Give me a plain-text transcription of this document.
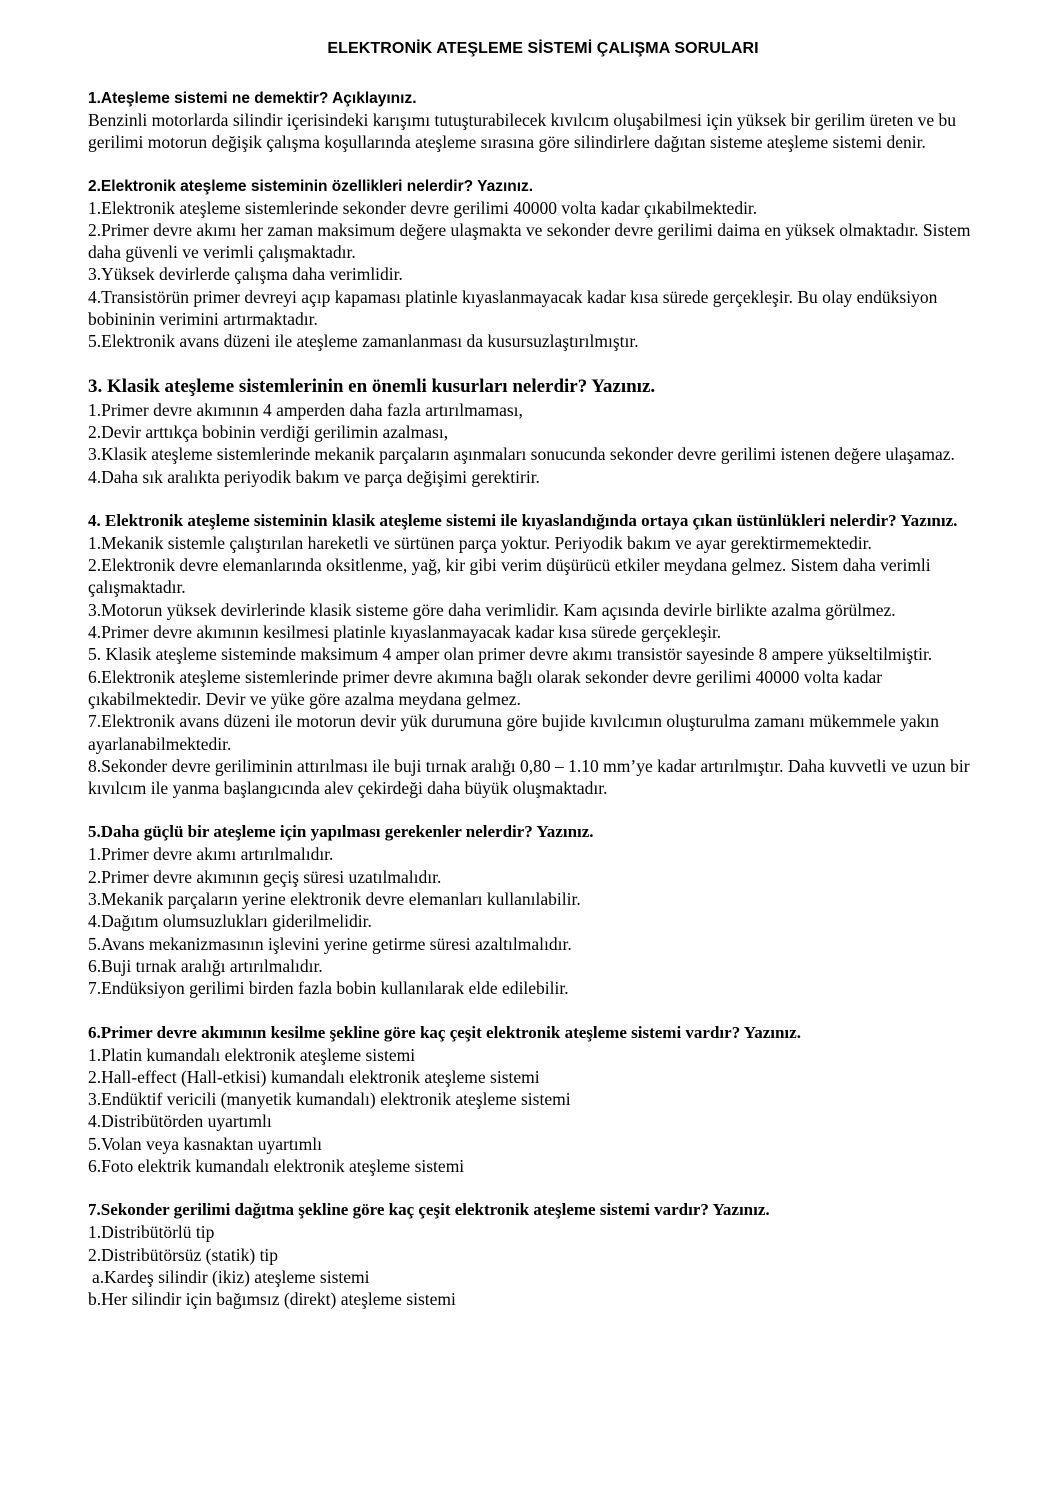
ELEKTRONİK ATEŞLEME SİSTEMİ ÇALIŞMA SORULARI

1.Ateşleme sistemi ne demektir? Açıklayınız.

Benzinli motorlarda silindir içerisindeki karışımı tutuşturabilecek kıvılcım oluşabilmesi için yüksek bir gerilim üreten ve bu gerilimi motorun değişik çalışma koşullarında ateşleme sırasına göre silindirlere dağıtan sisteme ateşleme sistemi denir.

2.Elektronik ateşleme sisteminin özellikleri nelerdir? Yazınız.

1.Elektronik ateşleme sistemlerinde sekonder devre gerilimi 40000 volta kadar çıkabilmektedir.

2.Primer devre akımı her zaman maksimum değere ulaşmakta ve sekonder devre gerilimi daima en yüksek olmaktadır. Sistem daha güvenli ve verimli çalışmaktadır.

3.Yüksek devirlerde çalışma daha verimlidir.

4.Transistörün primer devreyi açıp kapaması platinle kıyaslanmayacak kadar kısa sürede gerçekleşir. Bu olay endüksiyon bobininin verimini artırmaktadır.

5.Elektronik avans düzeni ile ateşleme zamanlanması da kusursuzlaştırılmıştır.

3. Klasik ateşleme sistemlerinin en önemli kusurları nelerdir? Yazınız.

1.Primer devre akımının 4 amperden daha fazla artırılmaması,

2.Devir arttıkça bobinin verdiği gerilimin azalması,

3.Klasik ateşleme sistemlerinde mekanik parçaların aşınmaları sonucunda sekonder devre gerilimi istenen değere ulaşamaz.

4.Daha sık aralıkta periyodik bakım ve parça değişimi gerektirir.

4. Elektronik ateşleme sisteminin klasik ateşleme sistemi ile kıyaslandığında ortaya çıkan üstünlükleri nelerdir? Yazınız.

1.Mekanik sistemle çalıştırılan hareketli ve sürtünen parça yoktur. Periyodik bakım ve ayar gerektirmemektedir.

2.Elektronik devre elemanlarında oksitlenme, yağ, kir gibi verim düşürücü etkiler meydana gelmez. Sistem daha verimli çalışmaktadır.

3.Motorun yüksek devirlerinde klasik sisteme göre daha verimlidir. Kam açısında devirle birlikte azalma görülmez.

4.Primer devre akımının kesilmesi platinle kıyaslanmayacak kadar kısa sürede gerçekleşir.

5. Klasik ateşleme sisteminde maksimum 4 amper olan primer devre akımı transistör sayesinde 8 ampere yükseltilmiştir.

6.Elektronik ateşleme sistemlerinde primer devre akımına bağlı olarak sekonder devre gerilimi 40000 volta kadar çıkabilmektedir. Devir ve yüke göre azalma meydana gelmez.

7.Elektronik avans düzeni ile motorun devir yük durumuna göre bujide kıvılcımın oluşturulma zamanı mükemmele yakın ayarlanabilmektedir.

8.Sekonder devre geriliminin attırılması ile buji tırnak aralığı 0,80 – 1.10 mm’ye kadar artırılmıştır. Daha kuvvetli ve uzun bir kıvılcım ile yanma başlangıcında alev çekirdeği daha büyük oluşmaktadır.

5.Daha güçlü bir ateşleme için yapılması gerekenler nelerdir? Yazınız.

1.Primer devre akımı artırılmalıdır.

2.Primer devre akımının geçiş süresi uzatılmalıdır.

3.Mekanik parçaların yerine elektronik devre elemanları kullanılabilir.

4.Dağıtım olumsuzlukları giderilmelidir.

5.Avans mekanizmasının işlevini yerine getirme süresi azaltılmalıdır.

6.Buji tırnak aralığı artırılmalıdır.

7.Endüksiyon gerilimi birden fazla bobin kullanılarak elde edilebilir.

6.Primer devre akımının kesilme şekline göre kaç çeşit elektronik ateşleme sistemi vardır? Yazınız.

1.Platin kumandalı elektronik ateşleme sistemi

2.Hall-effect (Hall-etkisi) kumandalı elektronik ateşleme sistemi

3.Endüktif vericili (manyetik kumandalı) elektronik ateşleme sistemi

4.Distribütörden uyartımlı

5.Volan veya kasnaktan uyartımlı

6.Foto elektrik kumandalı elektronik ateşleme sistemi

7.Sekonder gerilimi dağıtma şekline göre kaç çeşit elektronik ateşleme sistemi vardır? Yazınız.

1.Distribütörlü tip

2.Distribütörsüz (statik) tip

a.Kardeş silindir (ikiz) ateşleme sistemi

b.Her silindir için bağımsız (direkt) ateşleme sistemi
